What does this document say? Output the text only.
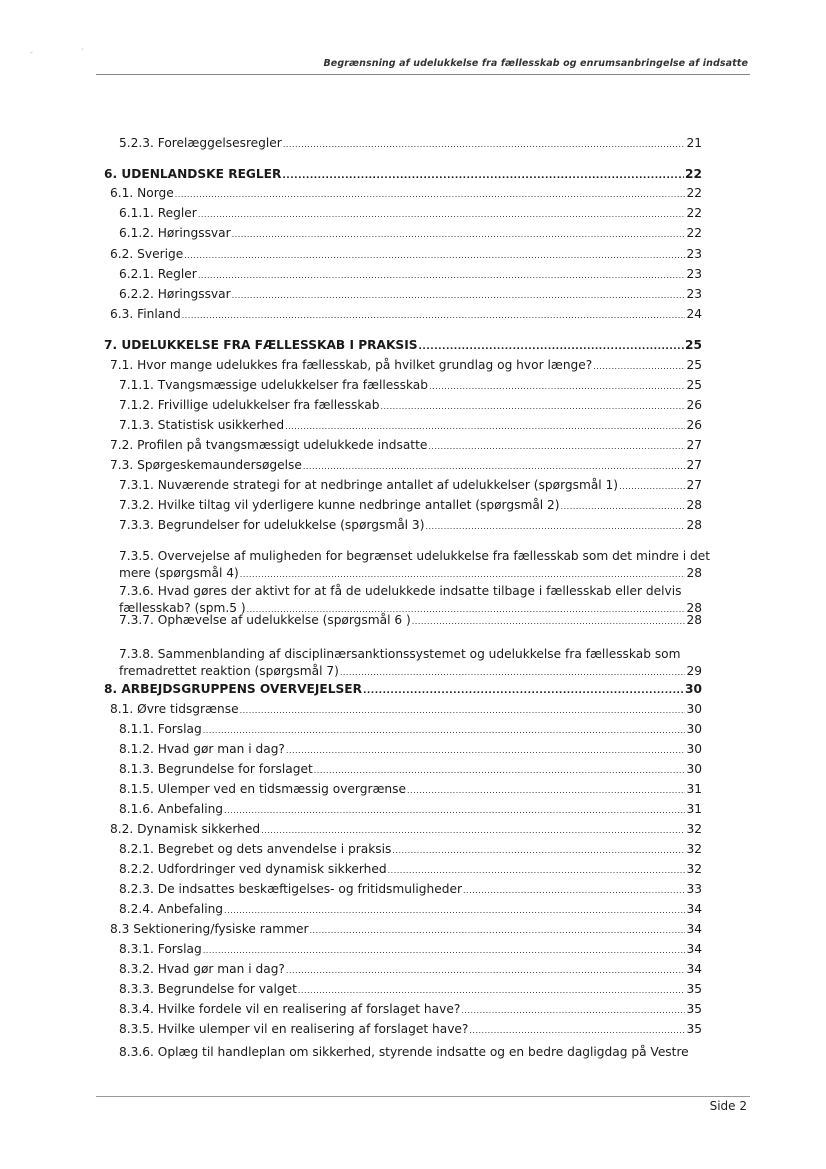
-	ˊ
Begrænsning af udelukkelse fra fællesskab og enrumsanbringelse af indsatte
5.2.3. Forelæggelsesregler .....	21
6. UDENLANDSKE REGLER .....	22
6.1. Norge .....	22
6.1.1. Regler .....	22
6.1.2. Høringssvar .....	22
6.2. Sverige .....	23
6.2.1. Regler .....	23
6.2.2. Høringssvar .....	23
6.3. Finland .....	24
7. UDELUKKELSE FRA FÆLLESSKAB I PRAKSIS .....	25
7.1. Hvor mange udelukkes fra fællesskab, på hvilket grundlag og hvor længe? .....	25
7.1.1. Tvangsmæssige udelukkelser fra fællesskab .....	25
7.1.2. Frivillige udelukkelser fra fællesskab .....	26
7.1.3. Statistisk usikkerhed .....	26
7.2. Profilen på tvangsmæssigt udelukkede indsatte .....	27
7.3. Spørgeskemaundersøgelse .....	27
7.3.1. Nuværende strategi for at nedbringe antallet af udelukkelser (spørgsmål 1) .....	27
7.3.2. Hvilke tiltag vil yderligere kunne nedbringe antallet (spørgsmål 2) .....	28
7.3.3. Begrundelser for udelukkelse (spørgsmål 3) .....	28
7.3.5. Overvejelse af muligheden for begrænset udelukkelse fra fællesskab som det mindre i det
mere (spørgsmål 4) .....	28
7.3.6. Hvad gøres der aktivt for at få de udelukkede indsatte tilbage i fællesskab eller delvis
fællesskab? (spm.5 ) .....	28
7.3.7. Ophævelse af udelukkelse (spørgsmål 6 ) .....	28
7.3.8. Sammenblanding af disciplinærsanktionssystemet og udelukkelse fra fællesskab som
fremadrettet reaktion (spørgsmål 7) .....	29
8. ARBEJDSGRUPPENS OVERVEJELSER .....	30
8.1. Øvre tidsgrænse .....	30
8.1.1. Forslag .....	30
8.1.2. Hvad gør man i dag? .....	30
8.1.3. Begrundelse for forslaget .....	30
8.1.5. Ulemper ved en tidsmæssig overgrænse .....	31
8.1.6. Anbefaling .....	31
8.2. Dynamisk sikkerhed .....	32
8.2.1. Begrebet og dets anvendelse i praksis .....	32
8.2.2. Udfordringer ved dynamisk sikkerhed .....	32
8.2.3. De indsattes beskæftigelses- og fritidsmuligheder .....	33
8.2.4. Anbefaling .....	34
8.3 Sektionering/fysiske rammer .....	34
8.3.1. Forslag .....	34
8.3.2. Hvad gør man i dag? .....	34
8.3.3. Begrundelse for valget .....	35
8.3.4. Hvilke fordele vil en realisering af forslaget have? .....	35
8.3.5. Hvilke ulemper vil en realisering af forslaget have? .....	35
8.3.6. Oplæg til handleplan om sikkerhed, styrende indsatte og en bedre dagligdag på Vestre
Side 2
